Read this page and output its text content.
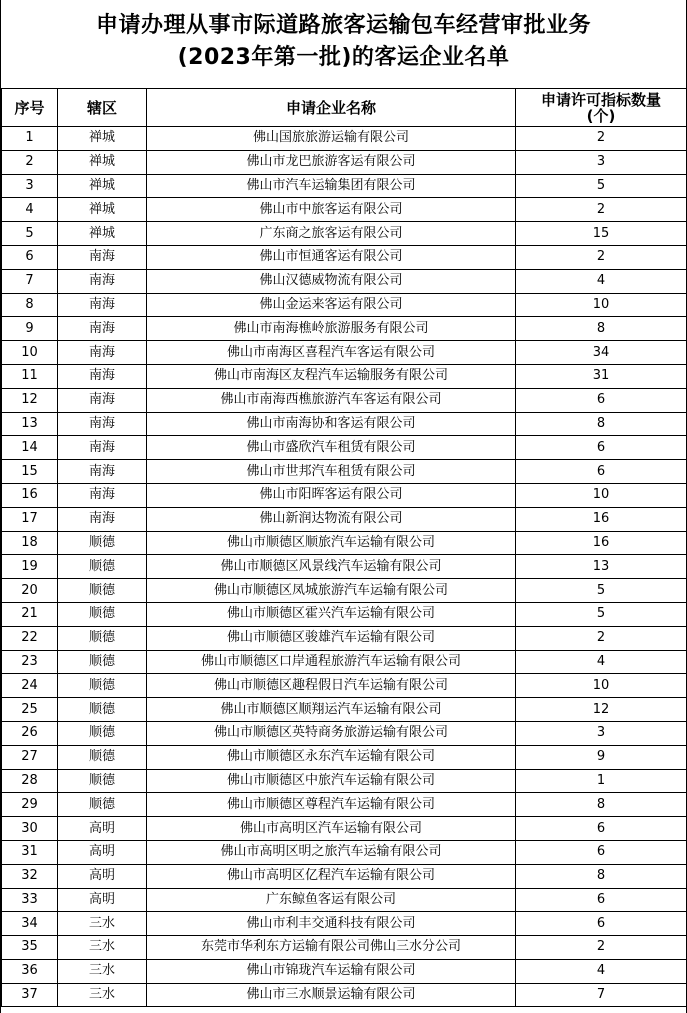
申请办理从事市际道路旅客运输包车经营审批业务
(2023年第一批)的客运企业名单
序号	辖区	申请企业名称	申请许可指标数量
(个)

1	禅城	佛山国旅旅游运输有限公司	2
2	禅城	佛山市龙巴旅游客运有限公司	3
3	禅城	佛山市汽车运输集团有限公司	5
4	禅城	佛山市中旅客运有限公司	2
5	禅城	广东商之旅客运有限公司	15
6	南海	佛山市恒通客运有限公司	2
7	南海	佛山汉德威物流有限公司	4
8	南海	佛山金运来客运有限公司	10
9	南海	佛山市南海樵岭旅游服务有限公司	8
10	南海	佛山市南海区喜程汽车客运有限公司	34
11	南海	佛山市南海区友程汽车运输服务有限公司	31
12	南海	佛山市南海西樵旅游汽车客运有限公司	6
13	南海	佛山市南海协和客运有限公司	8
14	南海	佛山市盛欣汽车租赁有限公司	6
15	南海	佛山市世邦汽车租赁有限公司	6
16	南海	佛山市阳晖客运有限公司	10
17	南海	佛山新润达物流有限公司	16
18	顺德	佛山市顺德区顺旅汽车运输有限公司	16
19	顺德	佛山市顺德区风景线汽车运输有限公司	13
20	顺德	佛山市顺德区凤城旅游汽车运输有限公司	5
21	顺德	佛山市顺德区霍兴汽车运输有限公司	5
22	顺德	佛山市顺德区骏雄汽车运输有限公司	2
23	顺德	佛山市顺德区口岸通程旅游汽车运输有限公司	4
24	顺德	佛山市顺德区趣程假日汽车运输有限公司	10
25	顺德	佛山市顺德区顺翔运汽车运输有限公司	12
26	顺德	佛山市顺德区英特商务旅游运输有限公司	3
27	顺德	佛山市顺德区永东汽车运输有限公司	9
28	顺德	佛山市顺德区中旅汽车运输有限公司	1
29	顺德	佛山市顺德区尊程汽车运输有限公司	8
30	高明	佛山市高明区汽车运输有限公司	6
31	高明	佛山市高明区明之旅汽车运输有限公司	6
32	高明	佛山市高明区亿程汽车运输有限公司	8
33	高明	广东鲸鱼客运有限公司	6
34	三水	佛山市利丰交通科技有限公司	6
35	三水	东莞市华利东方运输有限公司佛山三水分公司	2
36	三水	佛山市锦珑汽车运输有限公司	4
37	三水	佛山市三水顺景运输有限公司	7
